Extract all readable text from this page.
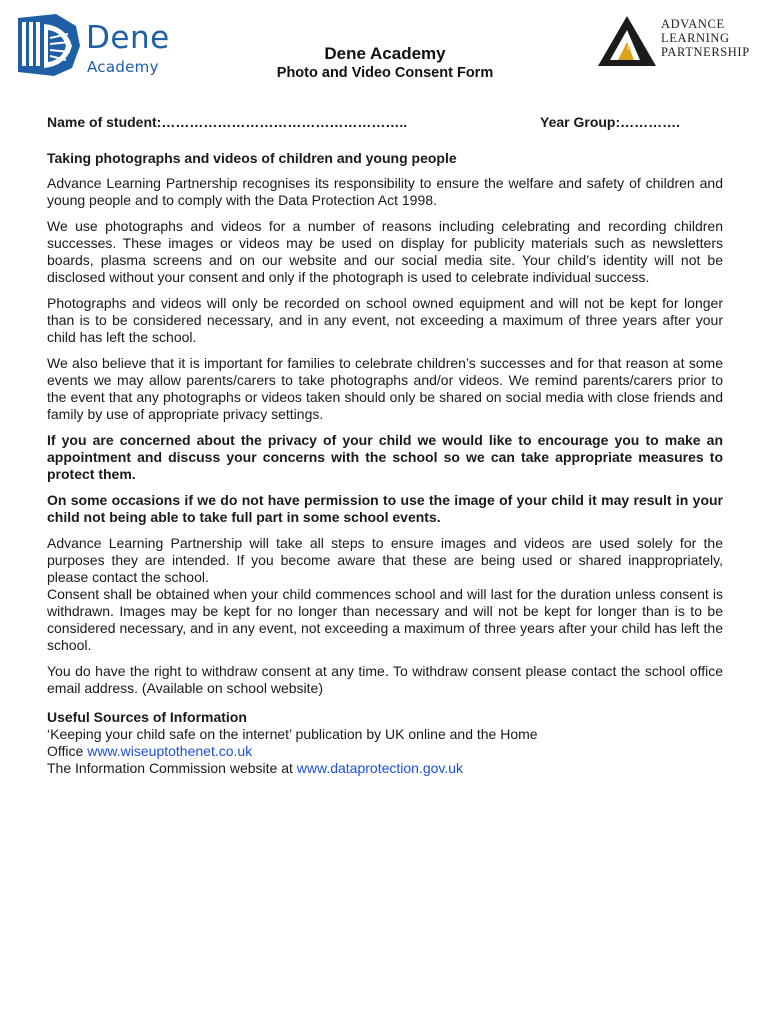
Dene
Academy
ADVANCE
LEARNING
PARTNERSHIP
Dene Academy
Photo and Video Consent Form
Name of student:……………………………………………..	Year Group:………….
Taking photographs and videos of children and young people

Advance Learning Partnership recognises its responsibility to ensure the welfare and safety of children and young people and to comply with the Data Protection Act 1998.

We use photographs and videos for a number of reasons including celebrating and recording children successes. These images or videos may be used on display for publicity materials such as newsletters boards, plasma screens and on our website and our social media site. Your child’s identity will not be disclosed without your consent and only if the photograph is used to celebrate individual success.

Photographs and videos will only be recorded on school owned equipment and will not be kept for longer than is to be considered necessary, and in any event, not exceeding a maximum of three years after your child has left the school.

We also believe that it is important for families to celebrate children’s successes and for that reason at some events we may allow parents/carers to take photographs and/or videos. We remind parents/carers prior to the event that any photographs or videos taken should only be shared on social media with close friends and family by use of appropriate privacy settings.

If you are concerned about the privacy of your child we would like to encourage you to make an appointment and discuss your concerns with the school so we can take appropriate measures to protect them.

On some occasions if we do not have permission to use the image of your child it may result in your child not being able to take full part in some school events.

Advance Learning Partnership will take all steps to ensure images and videos are used solely for the purposes they are intended. If you become aware that these are being used or shared inappropriately, please contact the school.

Consent shall be obtained when your child commences school and will last for the duration unless consent is withdrawn. Images may be kept for no longer than necessary and will not be kept for longer than is to be considered necessary, and in any event, not exceeding a maximum of three years after your child has left the school.

You do have the right to withdraw consent at any time. To withdraw consent please contact the school office email address. (Available on school website)

Useful Sources of Information
‘Keeping your child safe on the internet’ publication by UK online and the Home
Office www.wiseuptothenet.co.uk
The Information Commission website at www.dataprotection.gov.uk
